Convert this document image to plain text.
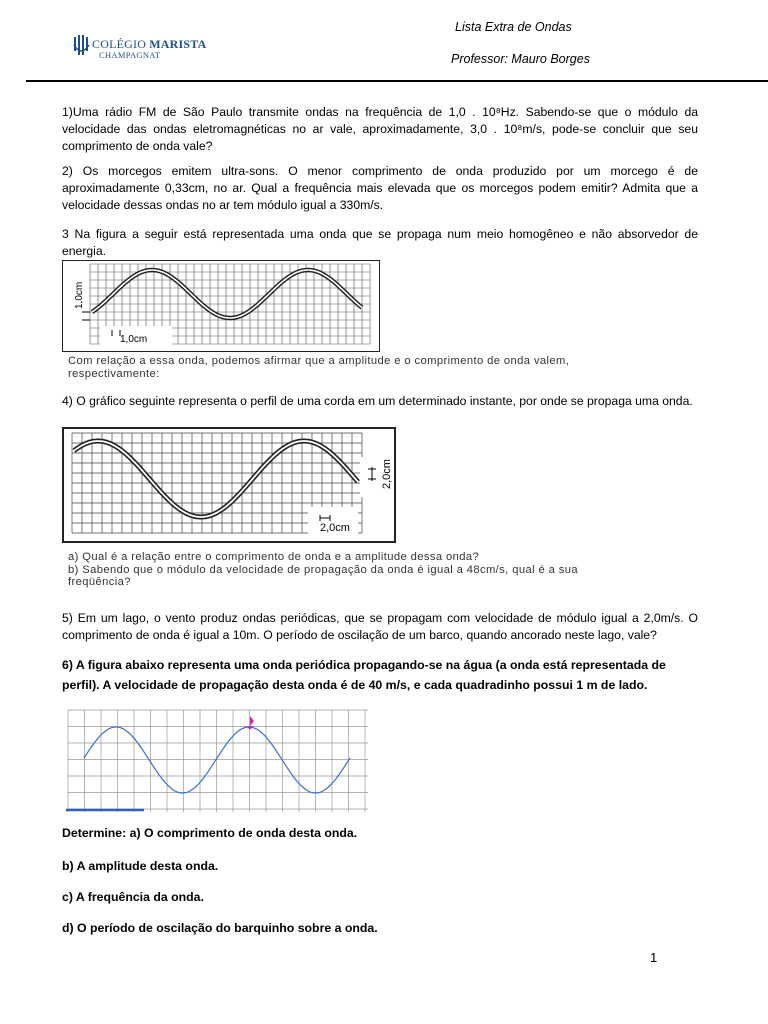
COLÉGIO MARISTA
CHAMPAGNAT
Lista Extra de Ondas
Professor: Mauro Borges
1)Uma rádio FM de São Paulo transmite ondas na frequência de 1,0 . 10⁸Hz. Sabendo-se que o módulo da velocidade das ondas eletromagnéticas no ar vale, aproximadamente, 3,0 . 10⁸m/s, pode-se concluir que seu comprimento de onda vale?
2) Os morcegos emitem ultra-sons. O menor comprimento de onda produzido por um morcego é de aproximadamente 0,33cm, no ar. Qual a frequência mais elevada que os morcegos podem emitir? Admita que a velocidade dessas ondas no ar tem módulo igual a 330m/s.
3 Na figura a seguir está representada uma onda que se propaga num meio homogêneo e não absorvedor de energia.
1,0cm
1,0cm
Com relação a essa onda, podemos afirmar que a amplitude e o comprimento de onda valem,
respectivamente:
4) O gráfico seguinte representa o perfil de uma corda em um determinado instante, por onde se propaga uma onda.
2,0cm
2,0cm
a) Qual é a relação entre o comprimento de onda e a amplitude dessa onda?
b) Sabendo que o módulo da velocidade de propagação da onda é igual a 48cm/s, qual é a sua
freqüência?
5) Em um lago, o vento produz ondas periódicas, que se propagam com velocidade de módulo igual a 2,0m/s. O comprimento de onda é igual a 10m. O período de oscilação de um barco, quando ancorado neste lago, vale?
6) A figura abaixo representa uma onda periódica propagando-se na água (a onda está representada de perfil). A velocidade de propagação desta onda é de 40 m/s, e cada quadradinho possui 1 m de lado.
Determine: a) O comprimento de onda desta onda.
b) A amplitude desta onda.
c) A frequência da onda.
d) O período de oscilação do barquinho sobre a onda.
1
